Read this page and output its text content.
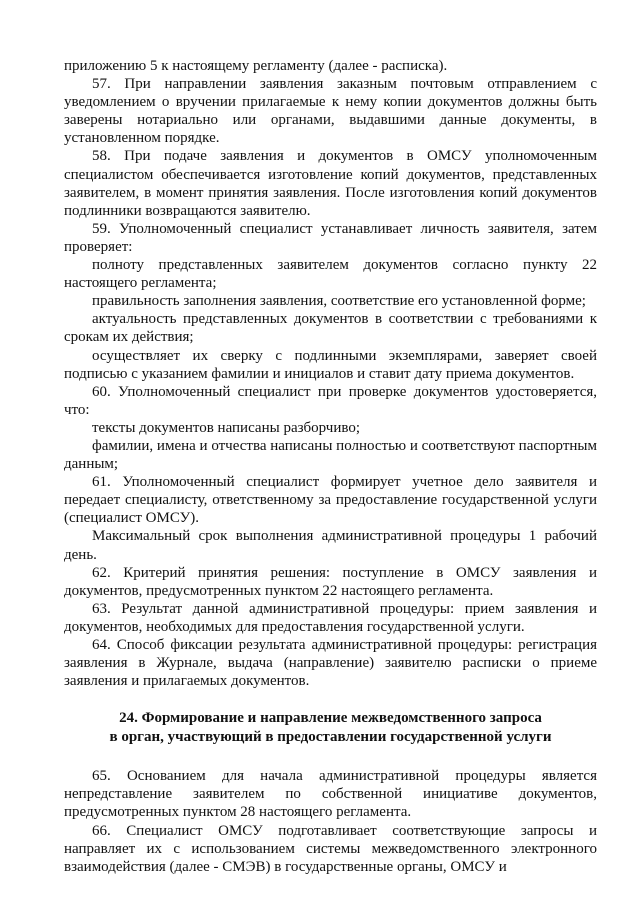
приложению 5 к настоящему регламенту (далее - расписка).

57. При направлении заявления заказным почтовым отправлением с уведомлением о вручении прилагаемые к нему копии документов должны быть заверены нотариально или органами, выдавшими данные документы, в установленном порядке.

58. При подаче заявления и документов в ОМСУ уполномоченным специалистом обеспечивается изготовление копий документов, представленных заявителем, в момент принятия заявления. После изготовления копий документов подлинники возвращаются заявителю.

59. Уполномоченный специалист устанавливает личность заявителя, затем проверяет:

полноту представленных заявителем документов согласно пункту 22 настоящего регламента;

правильность заполнения заявления, соответствие его установленной форме;

актуальность представленных документов в соответствии с требованиями к срокам их действия;

осуществляет их сверку с подлинными экземплярами, заверяет своей подписью с указанием фамилии и инициалов и ставит дату приема документов.

60. Уполномоченный специалист при проверке документов удостоверяется, что:

тексты документов написаны разборчиво;

фамилии, имена и отчества написаны полностью и соответствуют паспортным данным;

61. Уполномоченный специалист формирует учетное дело заявителя и передает специалисту, ответственному за предоставление государственной услуги (специалист ОМСУ).

Максимальный срок выполнения административной процедуры 1 рабочий день.

62. Критерий принятия решения: поступление в ОМСУ заявления и документов, предусмотренных пунктом 22 настоящего регламента.

63. Результат данной административной процедуры: прием заявления и документов, необходимых для предоставления государственной услуги.

64. Способ фиксации результата административной процедуры: регистрация заявления в Журнале, выдача (направление) заявителю расписки о приеме заявления и прилагаемых документов.

24. Формирование и направление межведомственного запроса
в орган, участвующий в предоставлении государственной услуги

65. Основанием для начала административной процедуры является непредставление заявителем по собственной инициативе документов, предусмотренных пунктом 28 настоящего регламента.

66. Специалист ОМСУ подготавливает соответствующие запросы и направляет их с использованием системы межведомственного электронного взаимодействия (далее - СМЭВ) в государственные органы, ОМСУ и
